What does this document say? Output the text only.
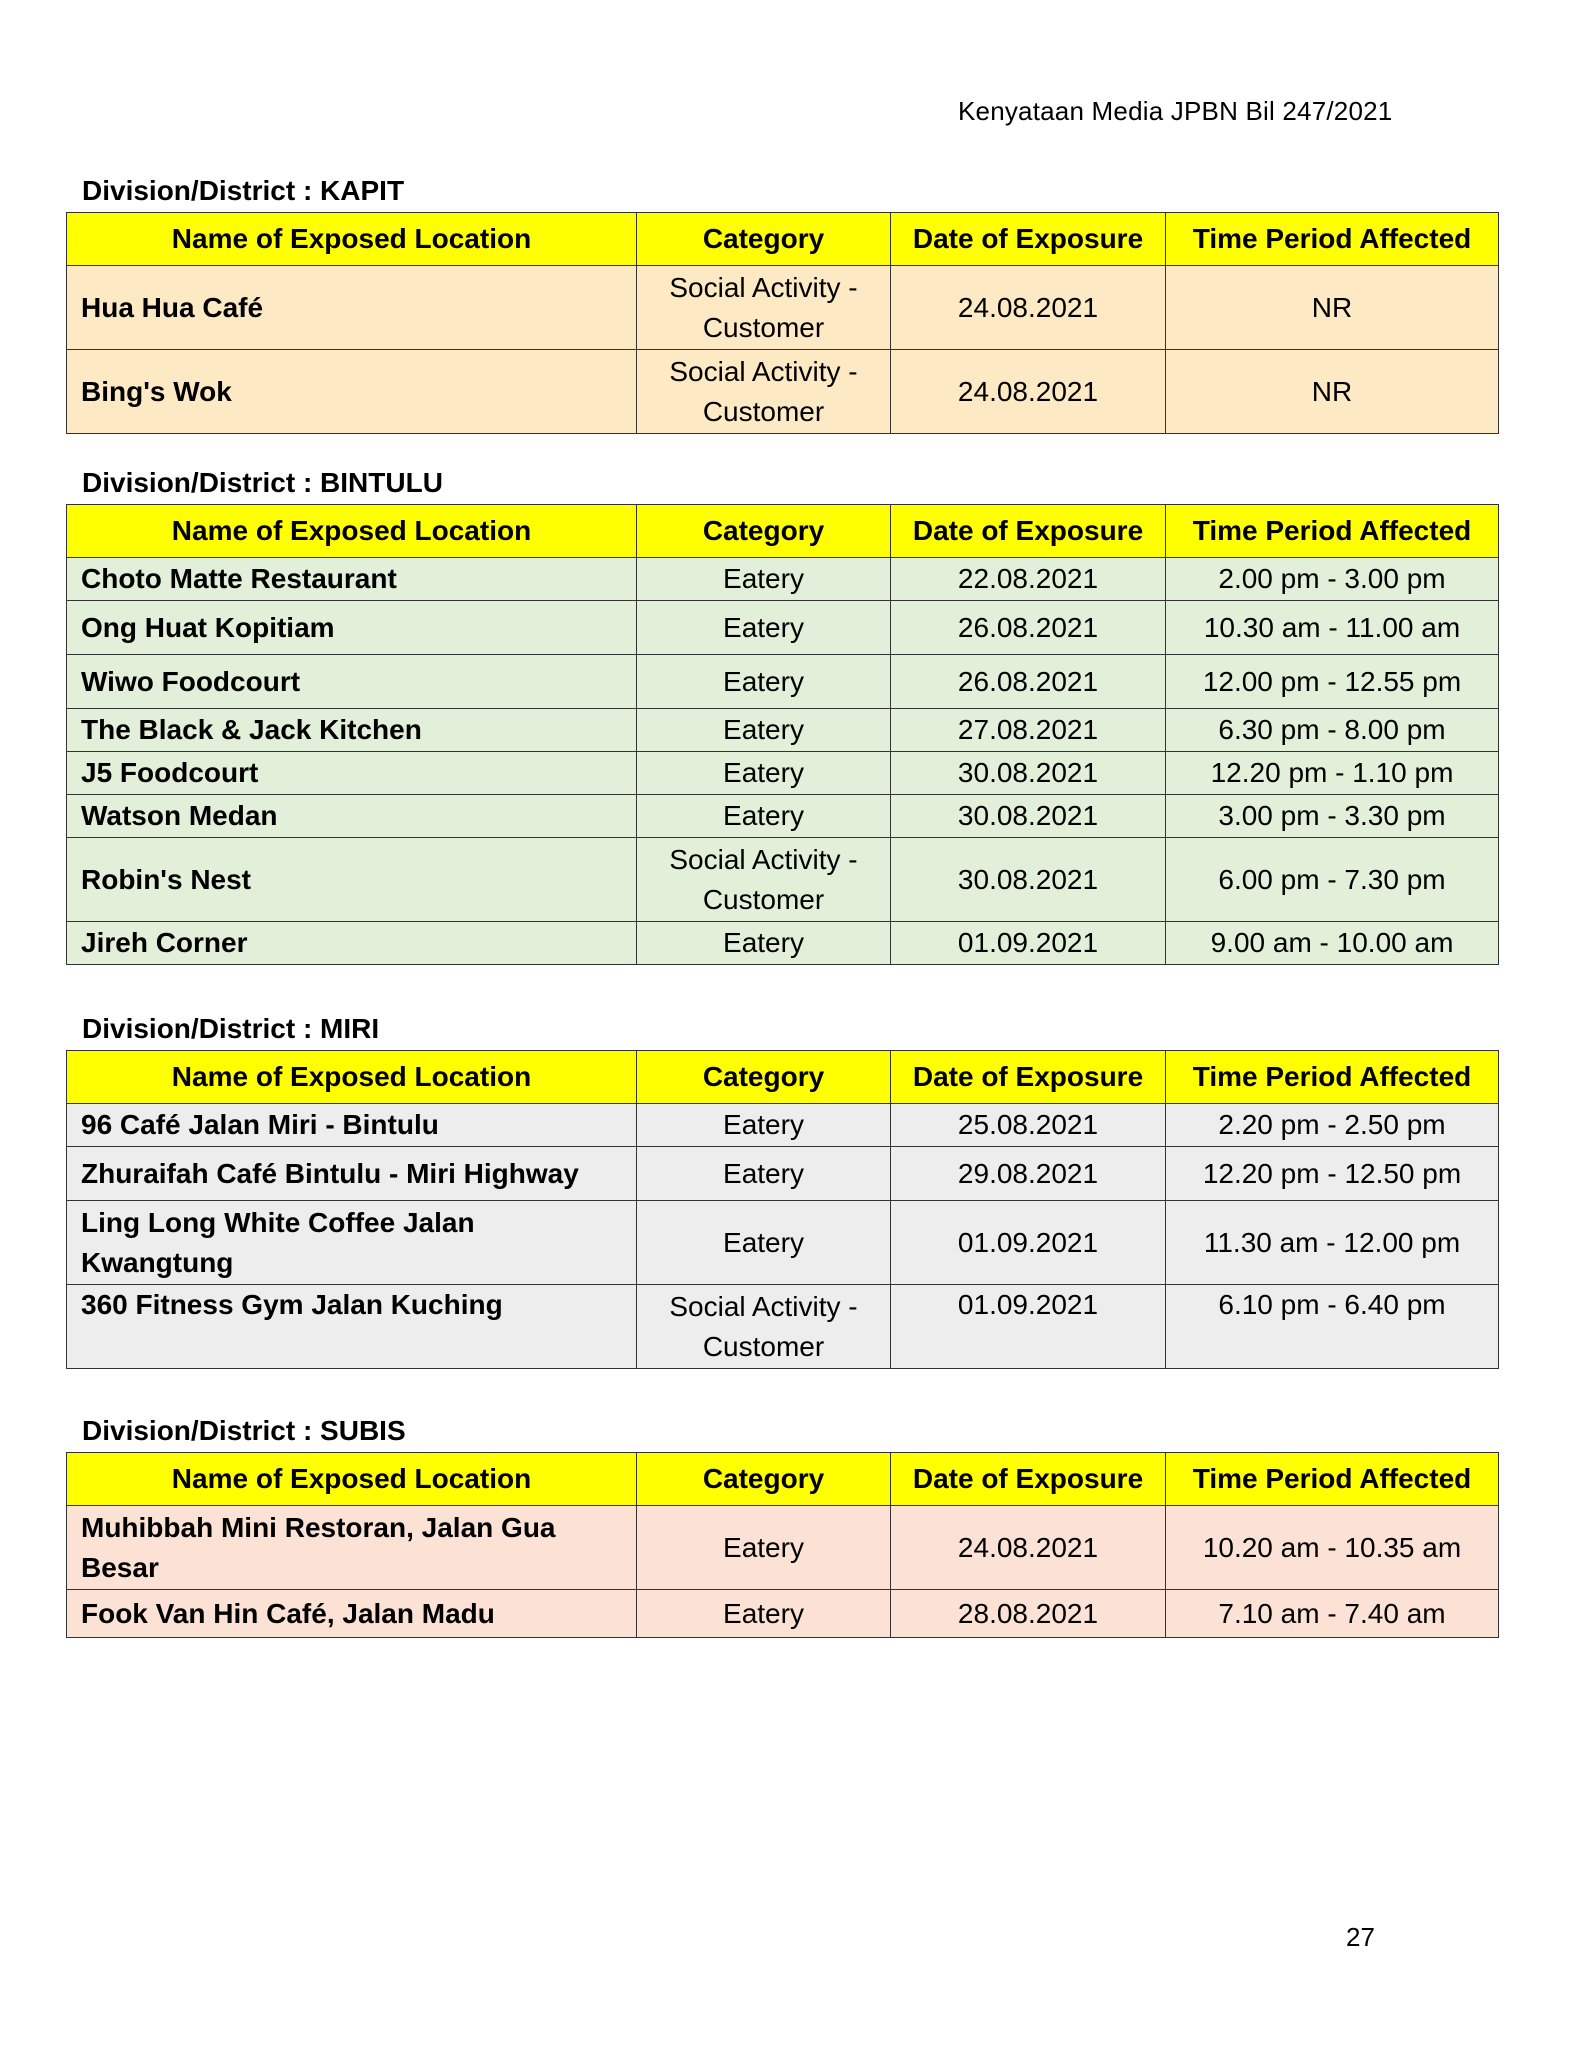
Kenyataan Media JPBN Bil 247/2021
Division/District : KAPIT
Name of Exposed Location	Category	Date of Exposure	Time Period Affected
Hua Hua Café	Social Activity - Customer	24.08.2021	NR
Bing's Wok	Social Activity - Customer	24.08.2021	NR
Division/District : BINTULU
Name of Exposed Location	Category	Date of Exposure	Time Period Affected
Choto Matte Restaurant	Eatery	22.08.2021	2.00 pm - 3.00 pm
Ong Huat Kopitiam	Eatery	26.08.2021	10.30 am - 11.00 am
Wiwo Foodcourt	Eatery	26.08.2021	12.00 pm - 12.55 pm
The Black & Jack Kitchen	Eatery	27.08.2021	6.30 pm - 8.00 pm
J5 Foodcourt	Eatery	30.08.2021	12.20 pm - 1.10 pm
Watson Medan	Eatery	30.08.2021	3.00 pm - 3.30 pm
Robin's Nest	Social Activity - Customer	30.08.2021	6.00 pm - 7.30 pm
Jireh Corner	Eatery	01.09.2021	9.00 am - 10.00 am
Division/District : MIRI
Name of Exposed Location	Category	Date of Exposure	Time Period Affected
96 Café Jalan Miri - Bintulu	Eatery	25.08.2021	2.20 pm - 2.50 pm
Zhuraifah Café Bintulu - Miri Highway	Eatery	29.08.2021	12.20 pm - 12.50 pm
Ling Long White Coffee Jalan Kwangtung	Eatery	01.09.2021	11.30 am - 12.00 pm
360 Fitness Gym Jalan Kuching	Social Activity - Customer	01.09.2021	6.10 pm - 6.40 pm
Division/District : SUBIS
Name of Exposed Location	Category	Date of Exposure	Time Period Affected
Muhibbah Mini Restoran, Jalan Gua Besar	Eatery	24.08.2021	10.20 am - 10.35 am
Fook Van Hin Café, Jalan Madu	Eatery	28.08.2021	7.10 am - 7.40 am
27
